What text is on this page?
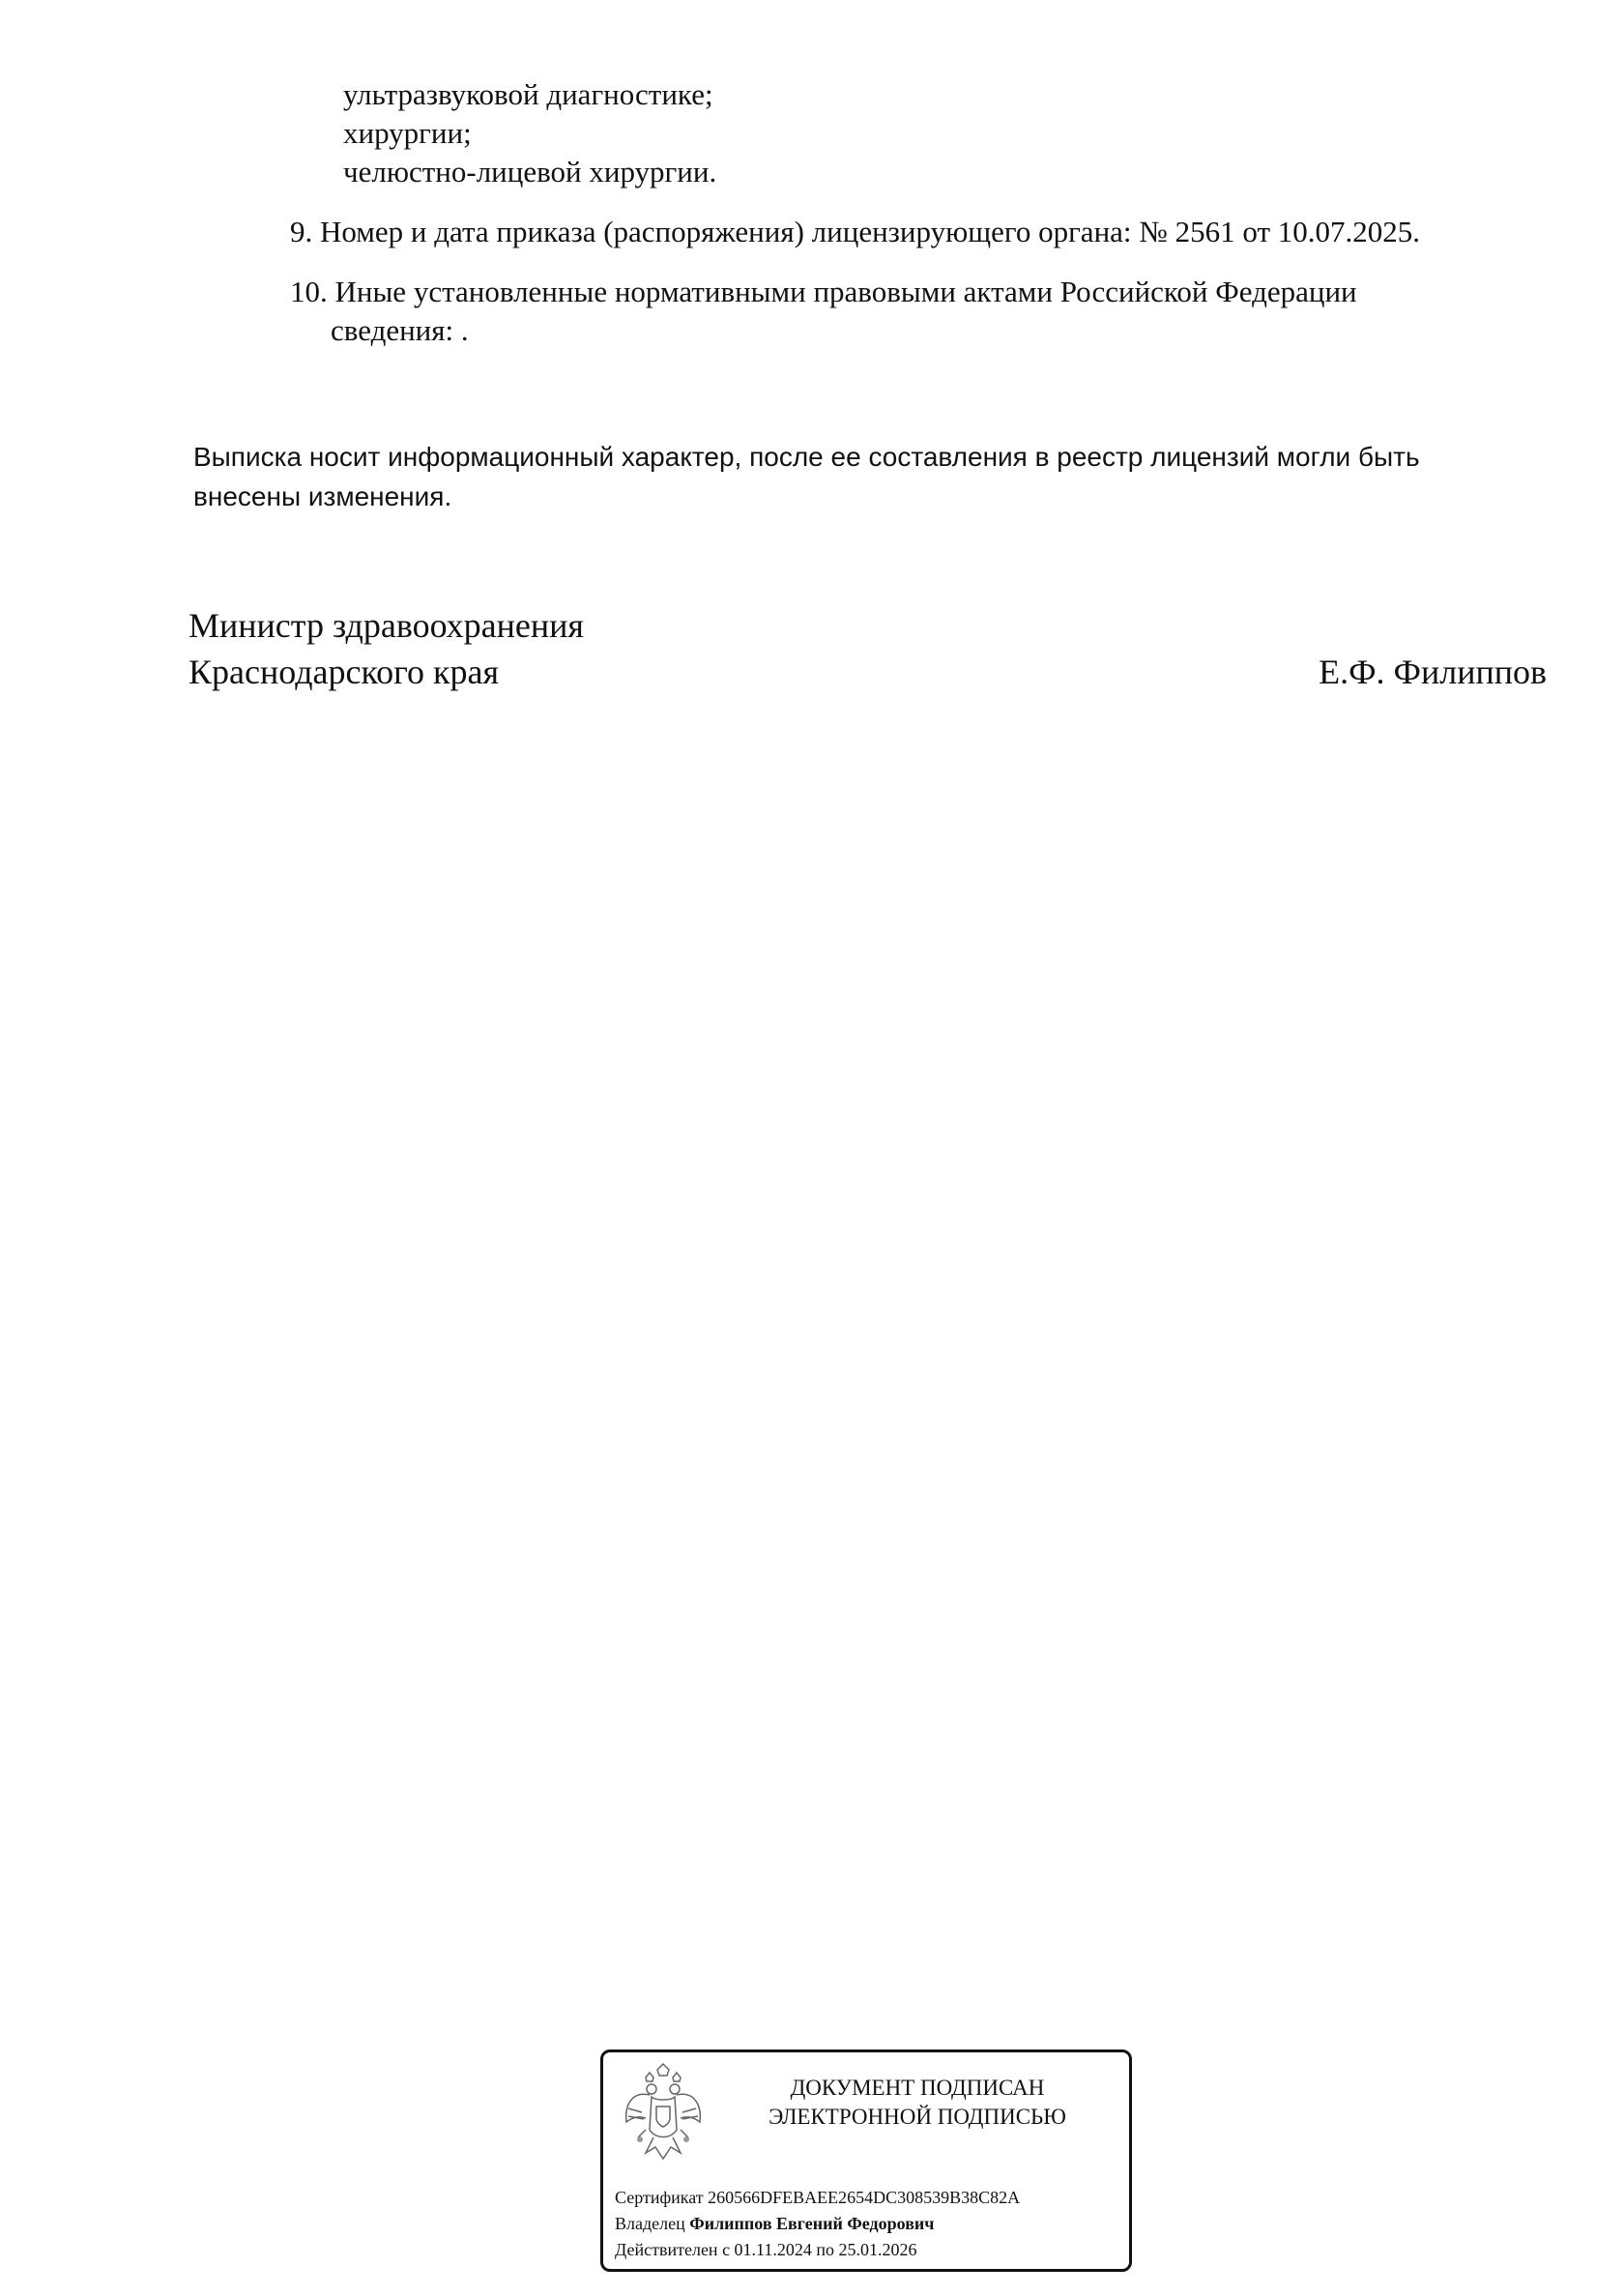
ультразвуковой диагностике;
хирургии;
челюстно-лицевой хирургии.
9. Номер и дата приказа (распоряжения) лицензирующего органа: № 2561 от 10.07.2025.
10. Иные установленные нормативными правовыми актами Российской Федерации
сведения: .
Выписка носит информационный характер, после ее составления в реестр лицензий могли быть
внесены изменения.
Министр здравоохранения
Краснодарского края	Е.Ф. Филиппов
ДОКУМЕНТ ПОДПИСАН
ЭЛЕКТРОННОЙ ПОДПИСЬЮ
Сертификат 260566DFEBAEE2654DC308539B38C82A
Владелец Филиппов Евгений Федорович
Действителен с 01.11.2024 по 25.01.2026
